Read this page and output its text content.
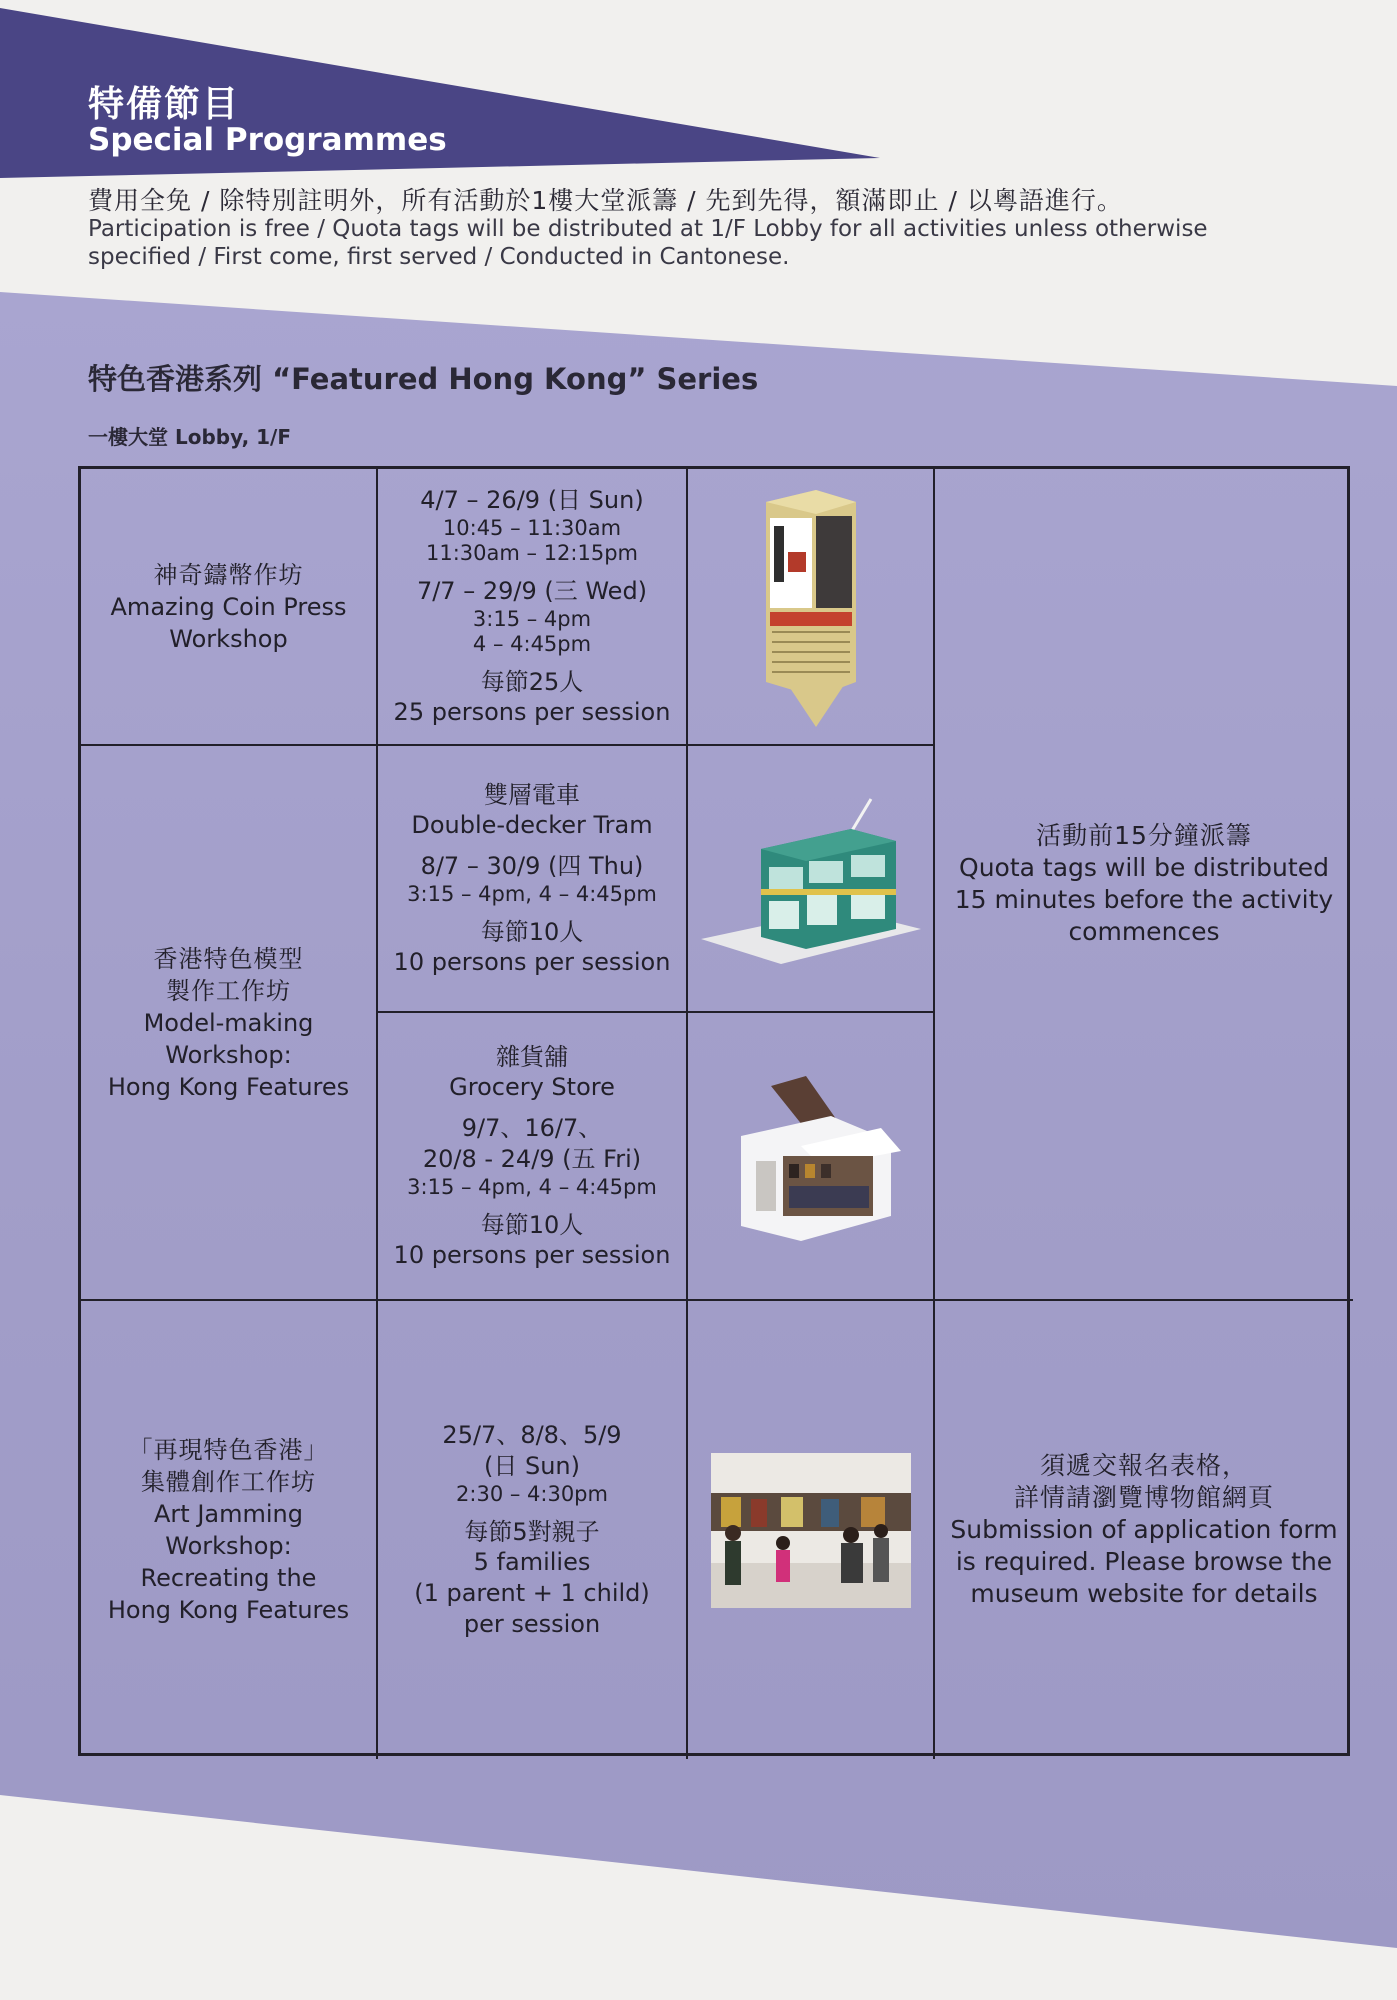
特備節目
Special Programmes
費用全免 / 除特別註明外，所有活動於1樓大堂派籌 / 先到先得，額滿即止 / 以粵語進行。
Participation is free / Quota tags will be distributed at 1/F Lobby for all activities unless otherwise
specified / First come, first served / Conducted in Cantonese.
特色香港系列 “Featured Hong Kong” Series
一樓大堂 Lobby, 1/F
神奇鑄幣作坊
Amazing Coin Press
Workshop
4/7 – 26/9 (日 Sun)
10:45 – 11:30am
11:30am – 12:15pm
7/7 – 29/9 (三 Wed)
3:15 – 4pm
4 – 4:45pm
每節25人
25 persons per session
活動前15分鐘派籌
Quota tags will be distributed
15 minutes before the activity
commences
香港特色模型
製作工作坊
Model-making
Workshop:
Hong Kong Features
雙層電車
Double-decker Tram
8/7 – 30/9 (四 Thu)
3:15 – 4pm, 4 – 4:45pm
每節10人
10 persons per session
雜貨舖
Grocery Store
9/7、16/7、
20/8 - 24/9 (五 Fri)
3:15 – 4pm, 4 – 4:45pm
每節10人
10 persons per session
「再現特色香港」
集體創作工作坊
Art Jamming
Workshop:
Recreating the
Hong Kong Features
25/7、8/8、5/9
(日 Sun)
2:30 – 4:30pm
每節5對親子
5 families
(1 parent + 1 child)
per session
須遞交報名表格，
詳情請瀏覽博物館網頁
Submission of application form
is required. Please browse the
museum website for details
